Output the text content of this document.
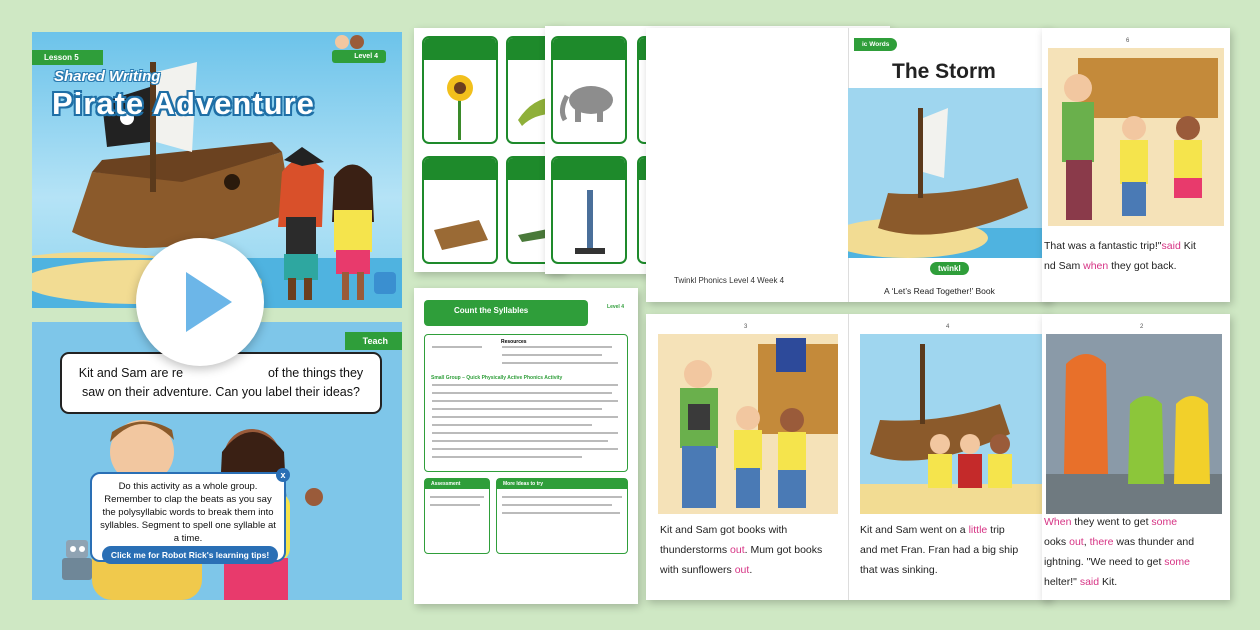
Lesson 5	Level 4
Shared Writing
Pirate Adventure
Teach
Kit and Sam are re	of the things they
saw on their adventure. Can you label their ideas?
Do this activity as a whole group. Remember to clap the beats as you say the polysyllabic words to break them into syllables. Segment to spell one syllable at a time.
x
Click me for Robot Rick's learning tips!
Count the Syllables	Level 4
Resources
Small Group – Quick Physically Active Phonics Activity
Assessment	More Ideas to try
Twinkl Phonics Level 4 Week 4
ic Words
The Storm
twinkl
A ‘Let’s Read Together!’ Book
6
That was a fantastic trip!"said Kit
nd Sam when they got back.
3
Kit and Sam got books with
thunderstorms out. Mum got books
with sunflowers out.
4
Kit and Sam went on a little trip
and met Fran. Fran had a big ship
that was sinking.
2
When they went to get some
ooks out, there was thunder and
ightning. "We need to get some
helter!" said Kit.
